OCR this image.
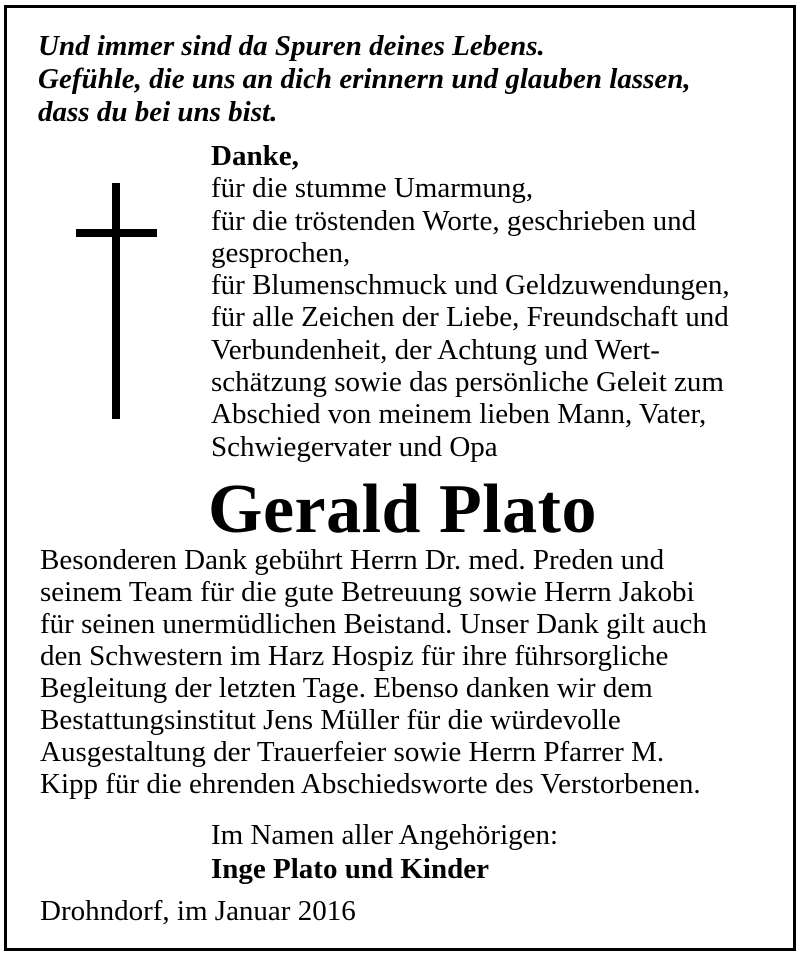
Und immer sind da Spuren deines Lebens.
Gefühle, die uns an dich erinnern und glauben lassen,
dass du bei uns bist.
Danke,
für die stumme Umarmung,
für die tröstenden Worte, geschrieben und
gesprochen,
für Blumenschmuck und Geldzuwendungen,
für alle Zeichen der Liebe, Freundschaft und
Verbundenheit, der Achtung und Wert-
schätzung sowie das persönliche Geleit zum
Abschied von meinem lieben Mann, Vater,
Schwiegervater und Opa
Gerald Plato
Besonderen Dank gebührt Herrn Dr. med. Preden und
seinem Team für die gute Betreuung sowie Herrn Jakobi
für seinen unermüdlichen Beistand. Unser Dank gilt auch
den Schwestern im Harz Hospiz für ihre führsorgliche
Begleitung der letzten Tage. Ebenso danken wir dem
Bestattungsinstitut Jens Müller für die würdevolle
Ausgestaltung der Trauerfeier sowie Herrn Pfarrer M.
Kipp für die ehrenden Abschiedsworte des Verstorbenen.
Im Namen aller Angehörigen:
Inge Plato und Kinder
Drohndorf, im Januar 2016
